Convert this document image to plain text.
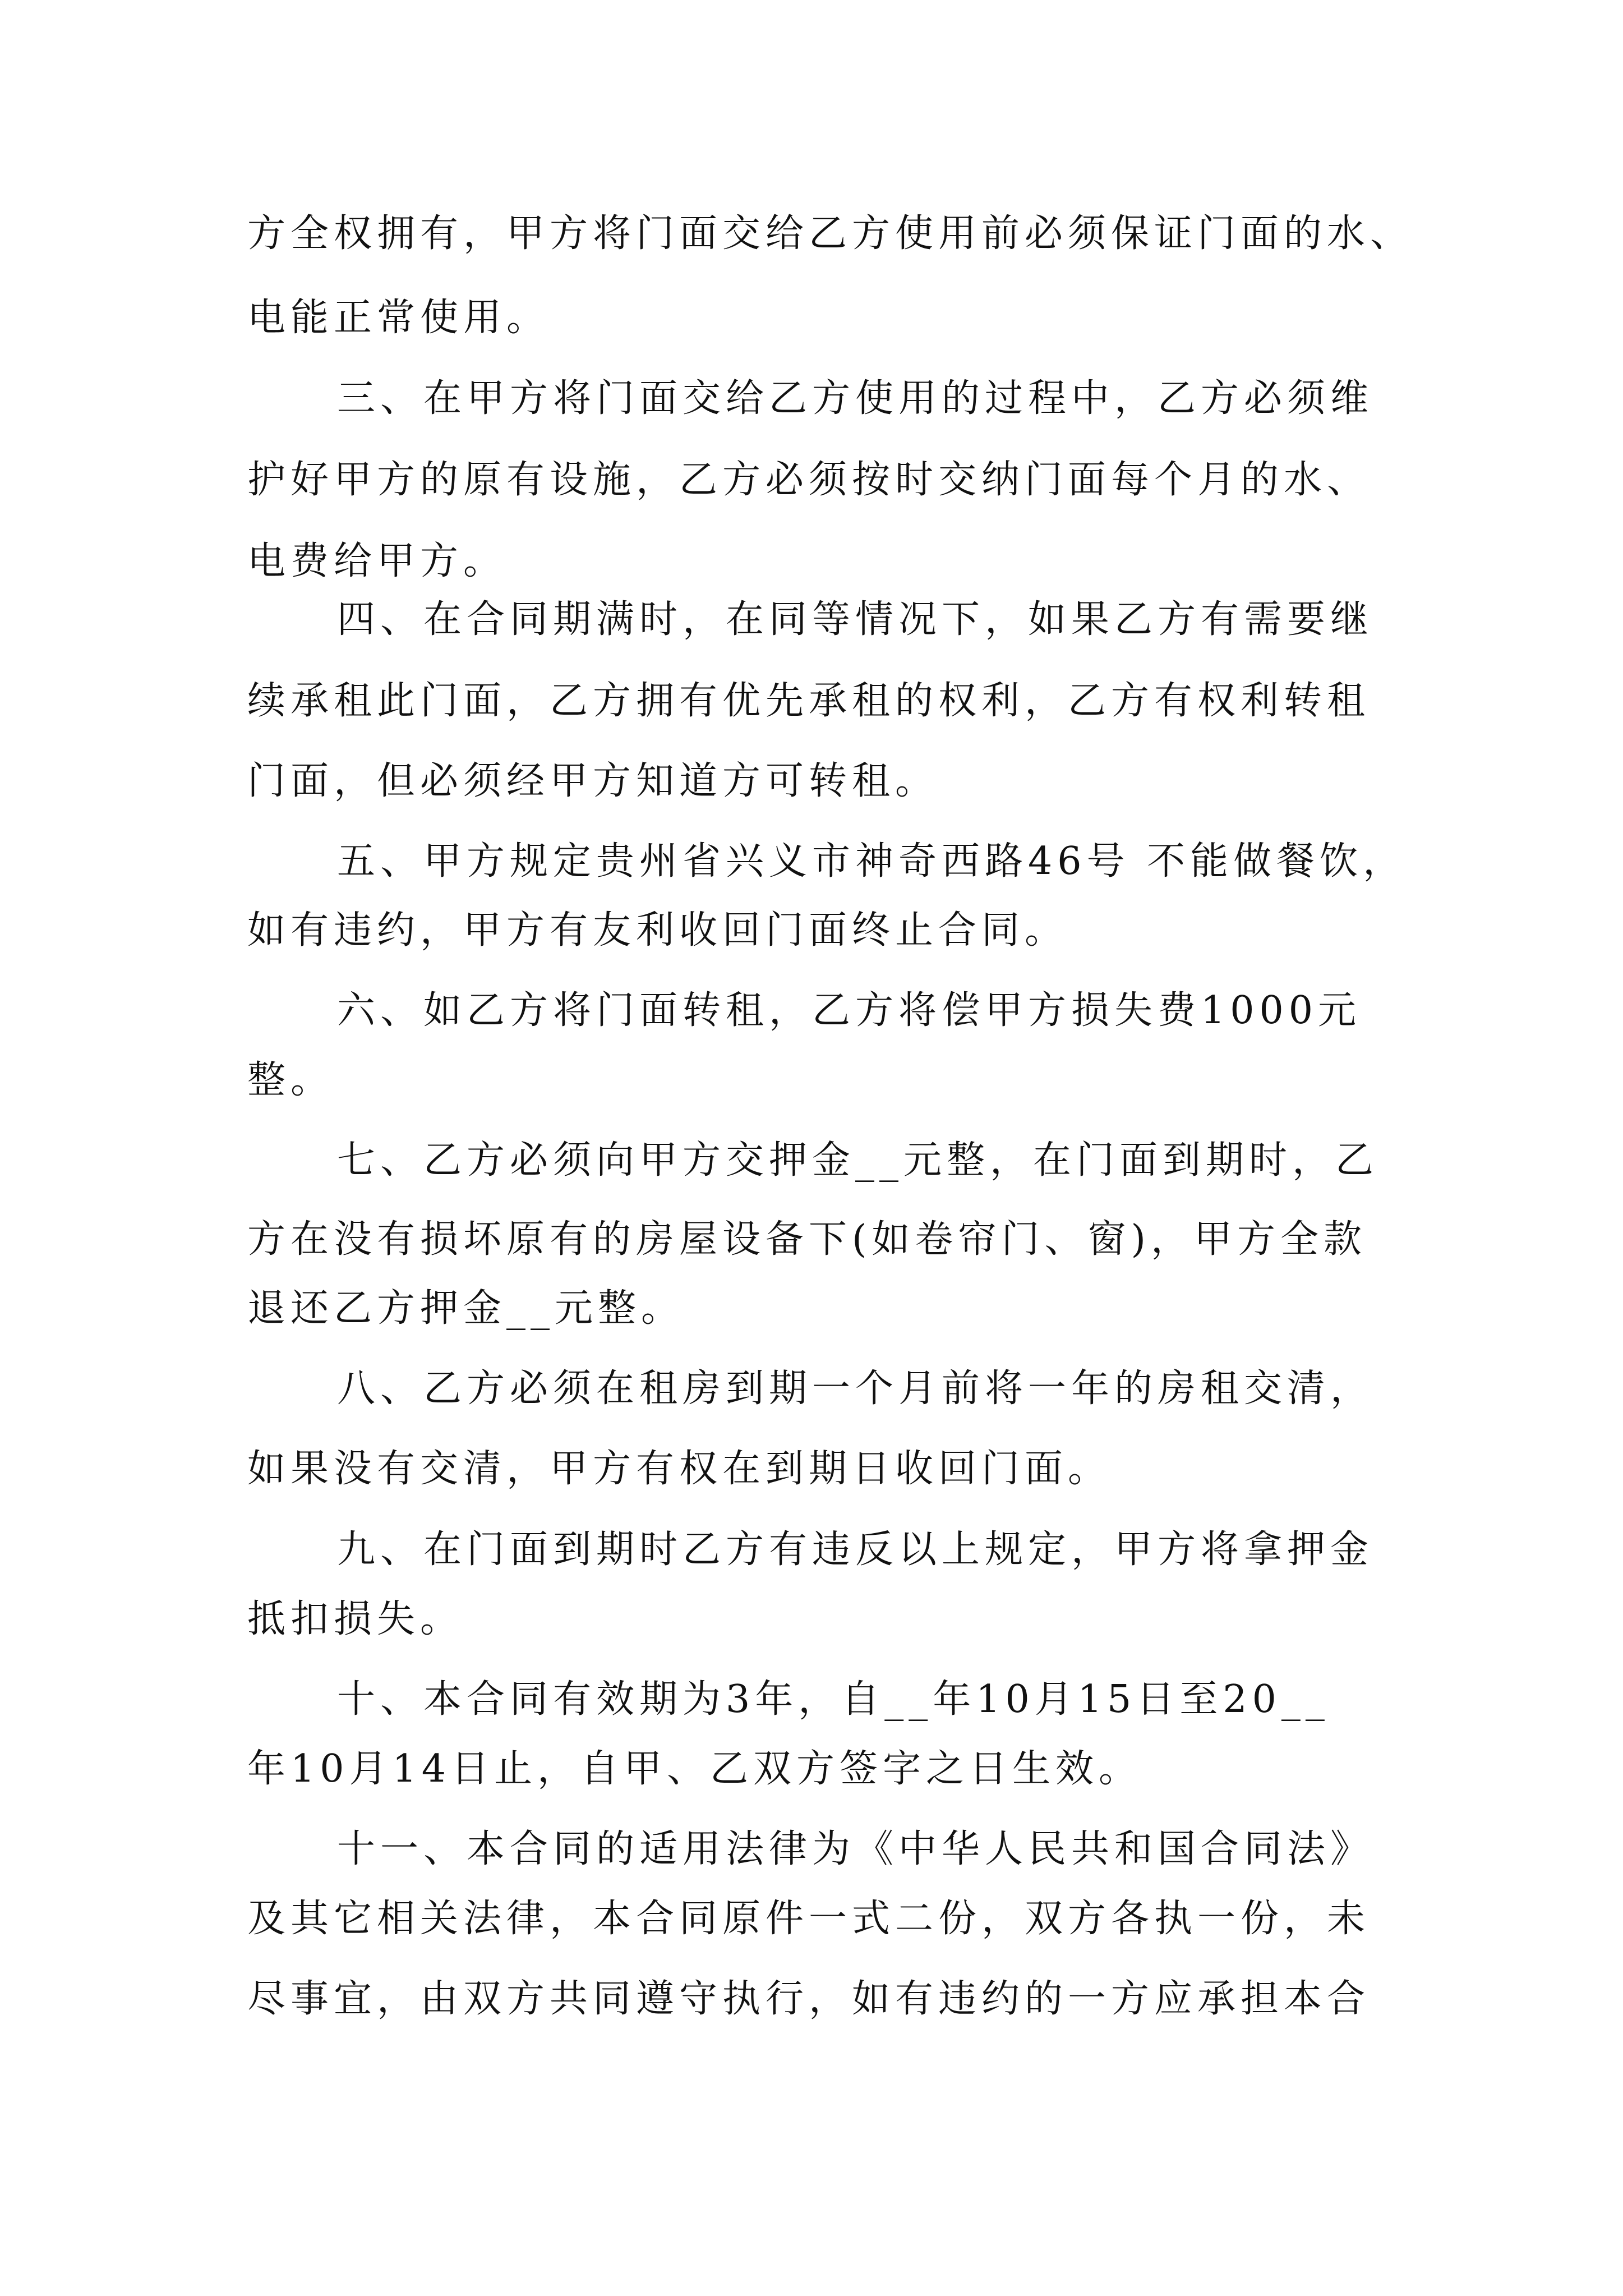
方全权拥有，甲方将门面交给乙方使用前必须保证门面的水、

电能正常使用。

三、在甲方将门面交给乙方使用的过程中，乙方必须维

护好甲方的原有设施，乙方必须按时交纳门面每个月的水、

电费给甲方。

四、在合同期满时，在同等情况下，如果乙方有需要继

续承租此门面，乙方拥有优先承租的权利，乙方有权利转租

门面，但必须经甲方知道方可转租。

五、甲方规定贵州省兴义市神奇西路46号 不能做餐饮，

如有违约，甲方有友利收回门面终止合同。

六、如乙方将门面转租，乙方将偿甲方损失费1000元

整。

七、乙方必须向甲方交押金__元整，在门面到期时，乙

方在没有损坏原有的房屋设备下(如卷帘门、窗)，甲方全款

退还乙方押金__元整。

八、乙方必须在租房到期一个月前将一年的房租交清，

如果没有交清，甲方有权在到期日收回门面。

九、在门面到期时乙方有违反以上规定，甲方将拿押金

抵扣损失。

十、本合同有效期为3年，自__年10月15日至20__

年10月14日止，自甲、乙双方签字之日生效。

十一、本合同的适用法律为《中华人民共和国合同法》

及其它相关法律，本合同原件一式二份，双方各执一份，未

尽事宜，由双方共同遵守执行，如有违约的一方应承担本合
